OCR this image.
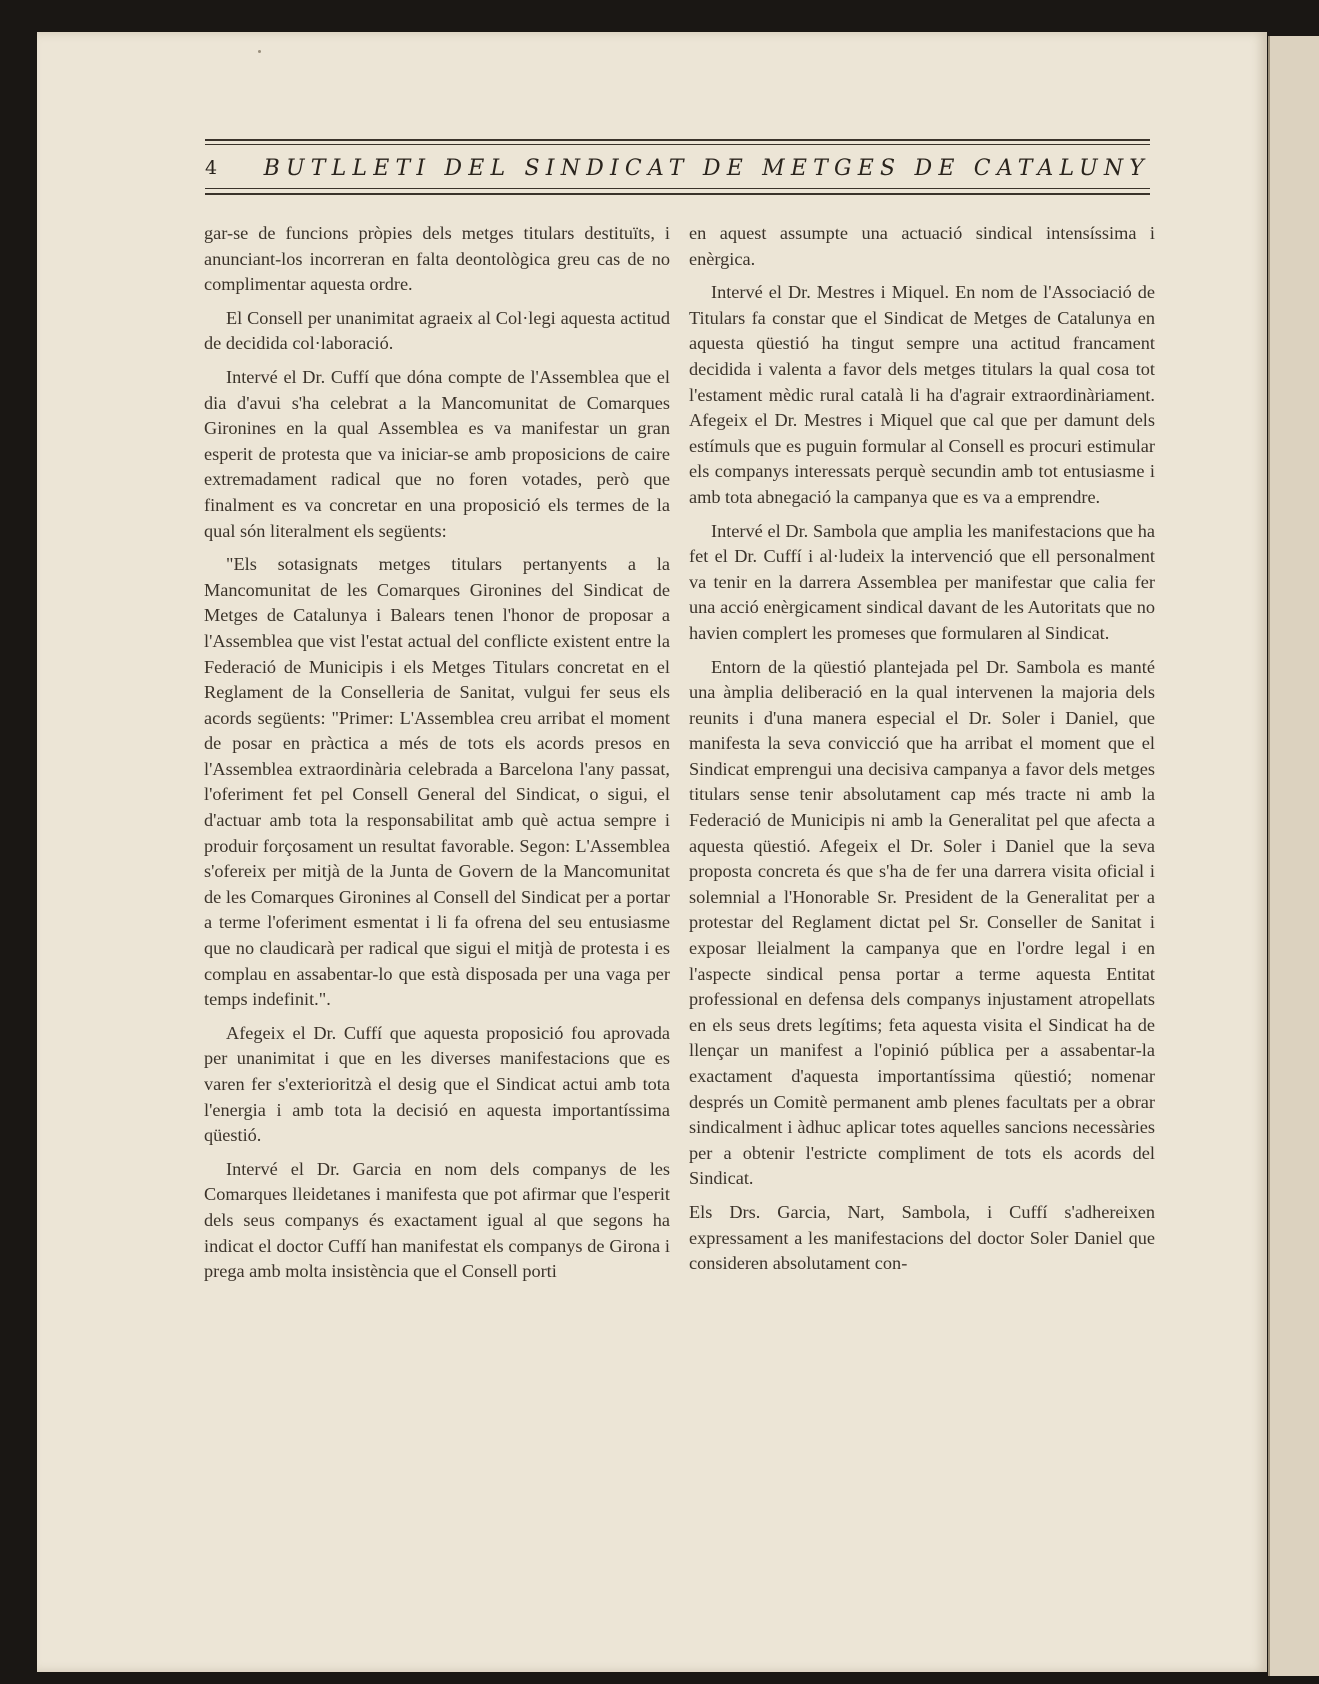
4	BUTLLETI DEL SINDICAT DE METGES DE CATALUNY

gar-se de funcions pròpies dels metges titulars destituïts, i anunciant-los incorreran en falta deontològica greu cas de no complimentar aquesta ordre.

El Consell per unanimitat agraeix al Col·legi aquesta actitud de decidida col·laboració.

Intervé el Dr. Cuffí que dóna compte de l'Assemblea que el dia d'avui s'ha celebrat a la Mancomunitat de Comarques Gironines en la qual Assemblea es va manifestar un gran esperit de protesta que va iniciar-se amb proposicions de caire extremadament radical que no foren votades, però que finalment es va concretar en una proposició els termes de la qual són literalment els següents:

"Els sotasignats metges titulars pertanyents a la Mancomunitat de les Comarques Gironines del Sindicat de Metges de Catalunya i Balears tenen l'honor de proposar a l'Assemblea que vist l'estat actual del conflicte existent entre la Federació de Municipis i els Metges Titulars concretat en el Reglament de la Conselleria de Sanitat, vulgui fer seus els acords següents: "Primer: L'Assemblea creu arribat el moment de posar en pràctica a més de tots els acords presos en l'Assemblea extraordinària celebrada a Barcelona l'any passat, l'oferiment fet pel Consell General del Sindicat, o sigui, el d'actuar amb tota la responsabilitat amb què actua sempre i produir forçosament un resultat favorable. Segon: L'Assemblea s'ofereix per mitjà de la Junta de Govern de la Mancomunitat de les Comarques Gironines al Consell del Sindicat per a portar a terme l'oferiment esmentat i li fa ofrena del seu entusiasme que no claudicarà per radical que sigui el mitjà de protesta i es complau en assabentar-lo que està disposada per una vaga per temps indefinit.".

Afegeix el Dr. Cuffí que aquesta proposició fou aprovada per unanimitat i que en les diverses manifestacions que es varen fer s'exterioritzà el desig que el Sindicat actui amb tota l'energia i amb tota la decisió en aquesta importantíssima qüestió.

Intervé el Dr. Garcia en nom dels companys de les Comarques lleidetanes i manifesta que pot afirmar que l'esperit dels seus companys és exactament igual al que segons ha indicat el doctor Cuffí han manifestat els companys de Girona i prega amb molta insistència que el Consell porti

en aquest assumpte una actuació sindical intensíssima i enèrgica.

Intervé el Dr. Mestres i Miquel. En nom de l'Associació de Titulars fa constar que el Sindicat de Metges de Catalunya en aquesta qüestió ha tingut sempre una actitud francament decidida i valenta a favor dels metges titulars la qual cosa tot l'estament mèdic rural català li ha d'agrair extraordinàriament. Afegeix el Dr. Mestres i Miquel que cal que per damunt dels estímuls que es puguin formular al Consell es procuri estimular els companys interessats perquè secundin amb tot entusiasme i amb tota abnegació la campanya que es va a emprendre.

Intervé el Dr. Sambola que amplia les manifestacions que ha fet el Dr. Cuffí i al·ludeix la intervenció que ell personalment va tenir en la darrera Assemblea per manifestar que calia fer una acció enèrgicament sindical davant de les Autoritats que no havien complert les promeses que formularen al Sindicat.

Entorn de la qüestió plantejada pel Dr. Sambola es manté una àmplia deliberació en la qual intervenen la majoria dels reunits i d'una manera especial el Dr. Soler i Daniel, que manifesta la seva convicció que ha arribat el moment que el Sindicat emprengui una decisiva campanya a favor dels metges titulars sense tenir absolutament cap més tracte ni amb la Federació de Municipis ni amb la Generalitat pel que afecta a aquesta qüestió. Afegeix el Dr. Soler i Daniel que la seva proposta concreta és que s'ha de fer una darrera visita oficial i solemnial a l'Honorable Sr. President de la Generalitat per a protestar del Reglament dictat pel Sr. Conseller de Sanitat i exposar lleialment la campanya que en l'ordre legal i en l'aspecte sindical pensa portar a terme aquesta Entitat professional en defensa dels companys injustament atropellats en els seus drets legítims; feta aquesta visita el Sindicat ha de llençar un manifest a l'opinió pública per a assabentar-la exactament d'aquesta importantíssima qüestió; nomenar després un Comitè permanent amb plenes facultats per a obrar sindicalment i àdhuc aplicar totes aquelles sancions necessàries per a obtenir l'estricte compliment de tots els acords del Sindicat.

Els Drs. Garcia, Nart, Sambola, i Cuffí s'adhereixen expressament a les manifestacions del doctor Soler Daniel que consideren absolutament con-
